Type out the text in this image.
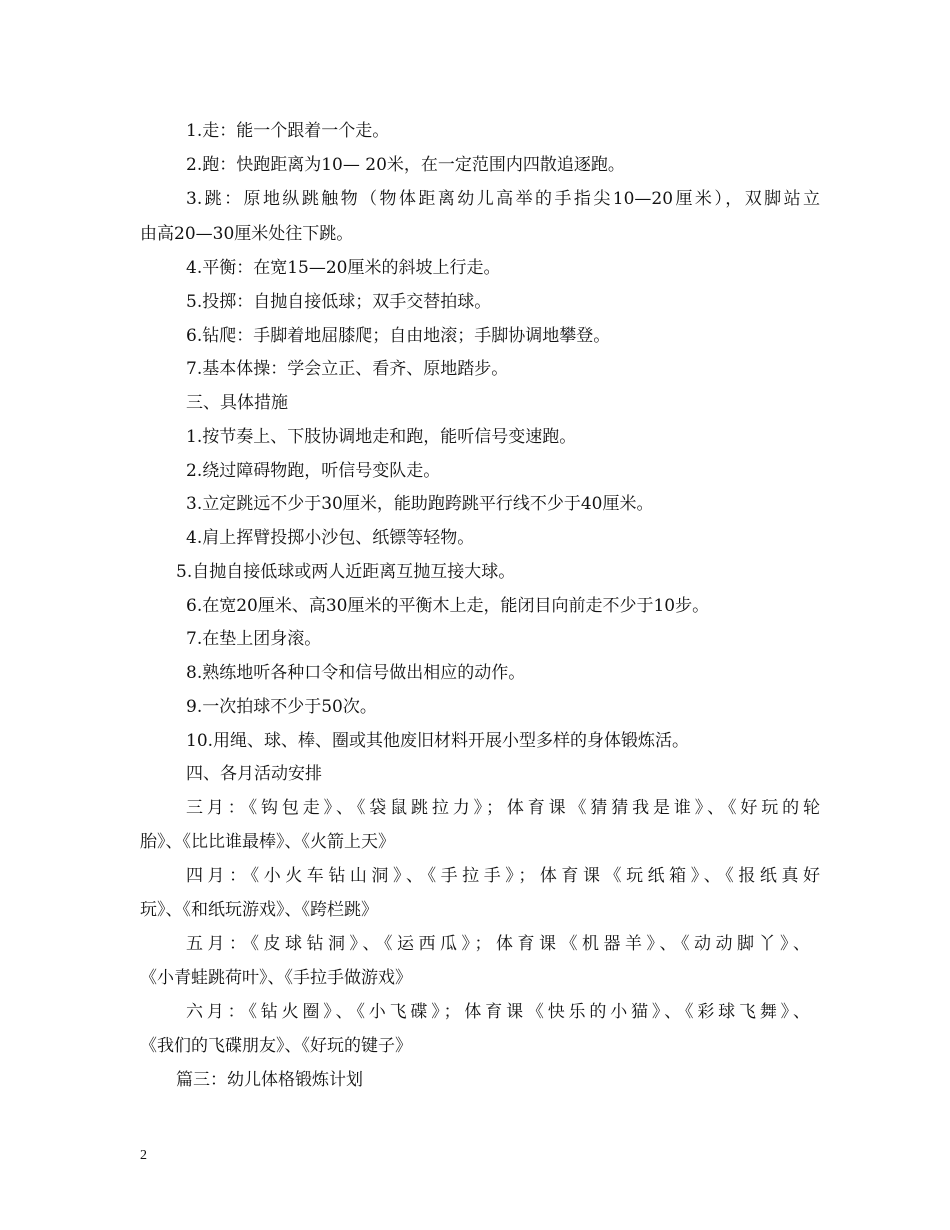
1.走：能一个跟着一个走。
2.跑：快跑距离为10— 20米，在一定范围内四散追逐跑。
3.跳：原地纵跳触物（物体距离幼儿高举的手指尖10—20厘米），双脚站立
由高20—30厘米处往下跳。
4.平衡：在宽15—20厘米的斜坡上行走。
5.投掷：自抛自接低球；双手交替拍球。
6.钻爬：手脚着地屈膝爬；自由地滚；手脚协调地攀登。
7.基本体操：学会立正、看齐、原地踏步。
三、具体措施
1.按节奏上、下肢协调地走和跑，能听信号变速跑。
2.绕过障碍物跑，听信号变队走。
3.立定跳远不少于30厘米，能助跑跨跳平行线不少于40厘米。
4.肩上挥臂投掷小沙包、纸镖等轻物。
5.自抛自接低球或两人近距离互抛互接大球。
6.在宽20厘米、高30厘米的平衡木上走，能闭目向前走不少于10步。
7.在垫上团身滚。
8.熟练地听各种口令和信号做出相应的动作。
9.一次拍球不少于50次。
10.用绳、球、棒、圈或其他废旧材料开展小型多样的身体锻炼活。
四、各月活动安排
三月：《钩包走》、《袋鼠跳拉力》；体育课《猜猜我是谁》、《好玩的轮
胎》、《比比谁最棒》、《火箭上天》
四月：《小火车钻山洞》、《手拉手》；体育课《玩纸箱》、《报纸真好
玩》、《和纸玩游戏》、《跨栏跳》
五月：《皮球钻洞》、《运西瓜》；体育课《机器羊》、《动动脚丫》、
《小青蛙跳荷叶》、《手拉手做游戏》
六月：《钻火圈》、《小飞碟》；体育课《快乐的小猫》、《彩球飞舞》、
《我们的飞碟朋友》、《好玩的键子》
篇三：幼儿体格锻炼计划
2
